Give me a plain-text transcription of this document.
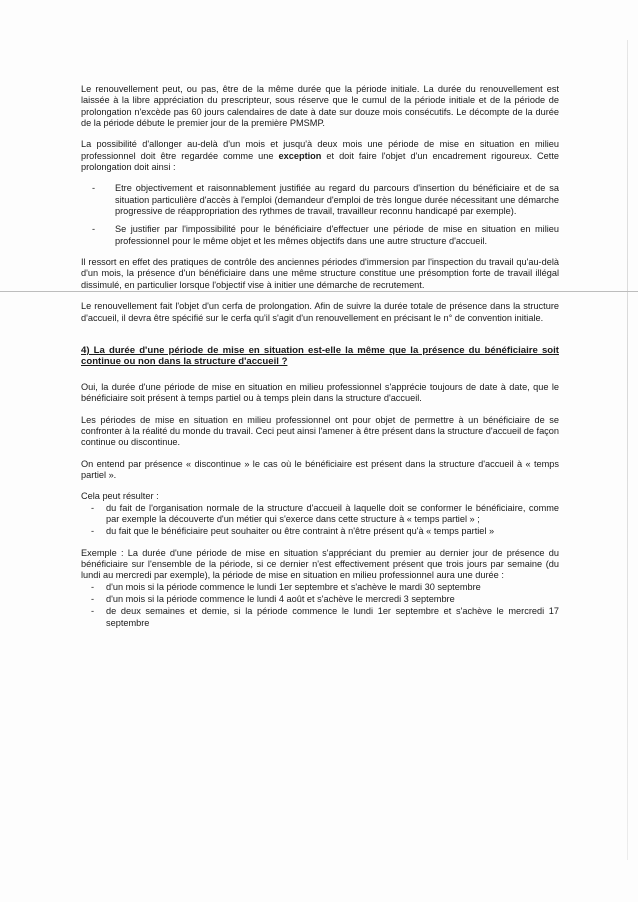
Le renouvellement peut, ou pas, être de la même durée que la période initiale. La durée du renouvellement est laissée à la libre appréciation du prescripteur, sous réserve que le cumul de la période initiale et de la période de prolongation n'excède pas 60 jours calendaires de date à date sur douze mois consécutifs. Le décompte de la durée de la période débute le premier jour de la première PMSMP.

La possibilité d'allonger au-delà d'un mois et jusqu'à deux mois une période de mise en situation en milieu professionnel doit être regardée comme une exception et doit faire l'objet d'un encadrement rigoureux. Cette prolongation doit ainsi :

- Etre objectivement et raisonnablement justifiée au regard du parcours d'insertion du bénéficiaire et de sa situation particulière d'accès à l'emploi (demandeur d'emploi de très longue durée nécessitant une démarche progressive de réappropriation des rythmes de travail, travailleur reconnu handicapé par exemple).
- Se justifier par l'impossibilité pour le bénéficiaire d'effectuer une période de mise en situation en milieu professionnel pour le même objet et les mêmes objectifs dans une autre structure d'accueil.

Il ressort en effet des pratiques de contrôle des anciennes périodes d'immersion par l'inspection du travail qu'au-delà d'un mois, la présence d'un bénéficiaire dans une même structure constitue une présomption forte de travail illégal dissimulé, en particulier lorsque l'objectif vise à initier une démarche de recrutement.

Le renouvellement fait l'objet d'un cerfa de prolongation. Afin de suivre la durée totale de présence dans la structure d'accueil, il devra être spécifié sur le cerfa qu'il s'agit d'un renouvellement en précisant le n° de convention initiale.

4) La durée d'une période de mise en situation est-elle la même que la présence du bénéficiaire soit continue ou non dans la structure d'accueil ?

Oui, la durée d'une période de mise en situation en milieu professionnel s'apprécie toujours de date à date, que le bénéficiaire soit présent à temps partiel ou à temps plein dans la structure d'accueil.

Les périodes de mise en situation en milieu professionnel ont pour objet de permettre à un bénéficiaire de se confronter à la réalité du monde du travail. Ceci peut ainsi l'amener à être présent dans la structure d'accueil de façon continue ou discontinue.

On entend par présence « discontinue » le cas où le bénéficiaire est présent dans la structure d'accueil à « temps partiel ».

Cela peut résulter :

- du fait de l'organisation normale de la structure d'accueil à laquelle doit se conformer le bénéficiaire, comme par exemple la découverte d'un métier qui s'exerce dans cette structure à « temps partiel » ;
- du fait que le bénéficiaire peut souhaiter ou être contraint à n'être présent qu'à « temps partiel »

Exemple : La durée d'une période de mise en situation s'appréciant du premier au dernier jour de présence du bénéficiaire sur l'ensemble de la période, si ce dernier n'est effectivement présent que trois jours par semaine (du lundi au mercredi par exemple), la période de mise en situation en milieu professionnel aura une durée :

- d'un mois si la période commence le lundi 1er septembre et s'achève le mardi 30 septembre
- d'un mois si la période commence le lundi 4 août et s'achève le mercredi 3 septembre
- de deux semaines et demie, si la période commence le lundi 1er septembre et s'achève le mercredi 17 septembre
